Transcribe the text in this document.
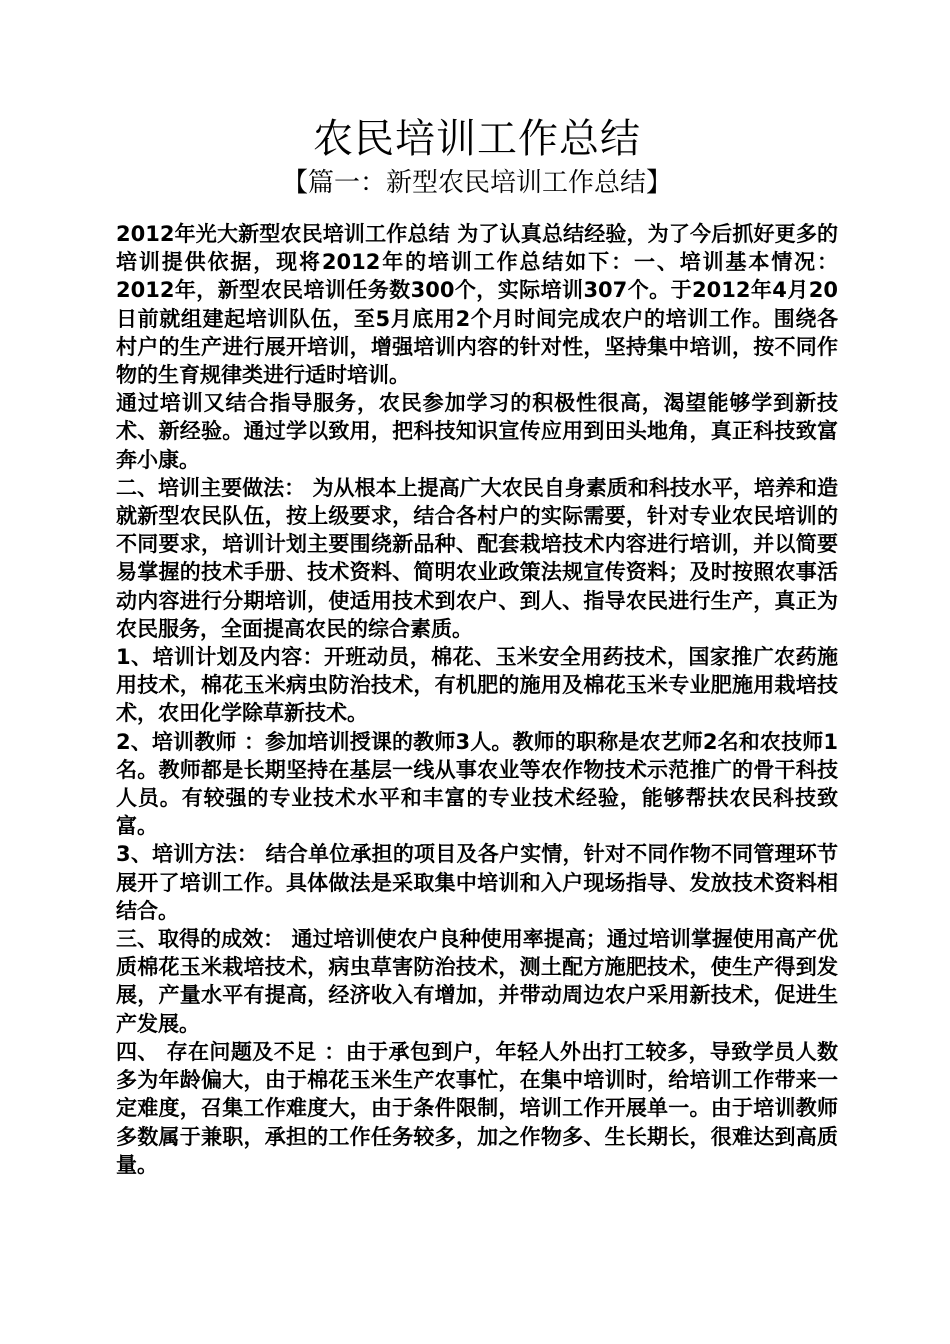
农民培训工作总结
【篇一：新型农民培训工作总结】

2012年光大新型农民培训工作总结 为了认真总结经验，为了今后抓好更多的培训提供依据，现将2012年的培训工作总结如下：一、培训基本情况： 2012年，新型农民培训任务数300个，实际培训307个。于2012年4月20日前就组建起培训队伍，至5月底用2个月时间完成农户的培训工作。围绕各村户的生产进行展开培训，增强培训内容的针对性，坚持集中培训，按不同作物的生育规律类进行适时培训。

通过培训又结合指导服务，农民参加学习的积极性很高，渴望能够学到新技术、新经验。通过学以致用，把科技知识宣传应用到田头地角，真正科技致富奔小康。

二、培训主要做法： 为从根本上提高广大农民自身素质和科技水平，培养和造就新型农民队伍，按上级要求，结合各村户的实际需要，针对专业农民培训的不同要求，培训计划主要围绕新品种、配套栽培技术内容进行培训，并以简要易掌握的技术手册、技术资料、简明农业政策法规宣传资料；及时按照农事活动内容进行分期培训，使适用技术到农户、到人、指导农民进行生产，真正为农民服务，全面提高农民的综合素质。

1、培训计划及内容：开班动员，棉花、玉米安全用药技术，国家推广农药施用技术，棉花玉米病虫防治技术，有机肥的施用及棉花玉米专业肥施用栽培技术，农田化学除草新技术。

2、培训教师 ：参加培训授课的教师3人。教师的职称是农艺师2名和农技师1名。教师都是长期坚持在基层一线从事农业等农作物技术示范推广的骨干科技人员。有较强的专业技术水平和丰富的专业技术经验，能够帮扶农民科技致富。

3、培训方法： 结合单位承担的项目及各户实情，针对不同作物不同管理环节展开了培训工作。具体做法是采取集中培训和入户现场指导、发放技术资料相结合。

三、取得的成效： 通过培训使农户良种使用率提高；通过培训掌握使用高产优质棉花玉米栽培技术，病虫草害防治技术，测土配方施肥技术，使生产得到发展，产量水平有提高，经济收入有增加，并带动周边农户采用新技术，促进生产发展。

四、 存在问题及不足 ：由于承包到户，年轻人外出打工较多，导致学员人数多为年龄偏大，由于棉花玉米生产农事忙，在集中培训时，给培训工作带来一定难度，召集工作难度大，由于条件限制，培训工作开展单一。由于培训教师多数属于兼职，承担的工作任务较多，加之作物多、生长期长，很难达到高质量。
